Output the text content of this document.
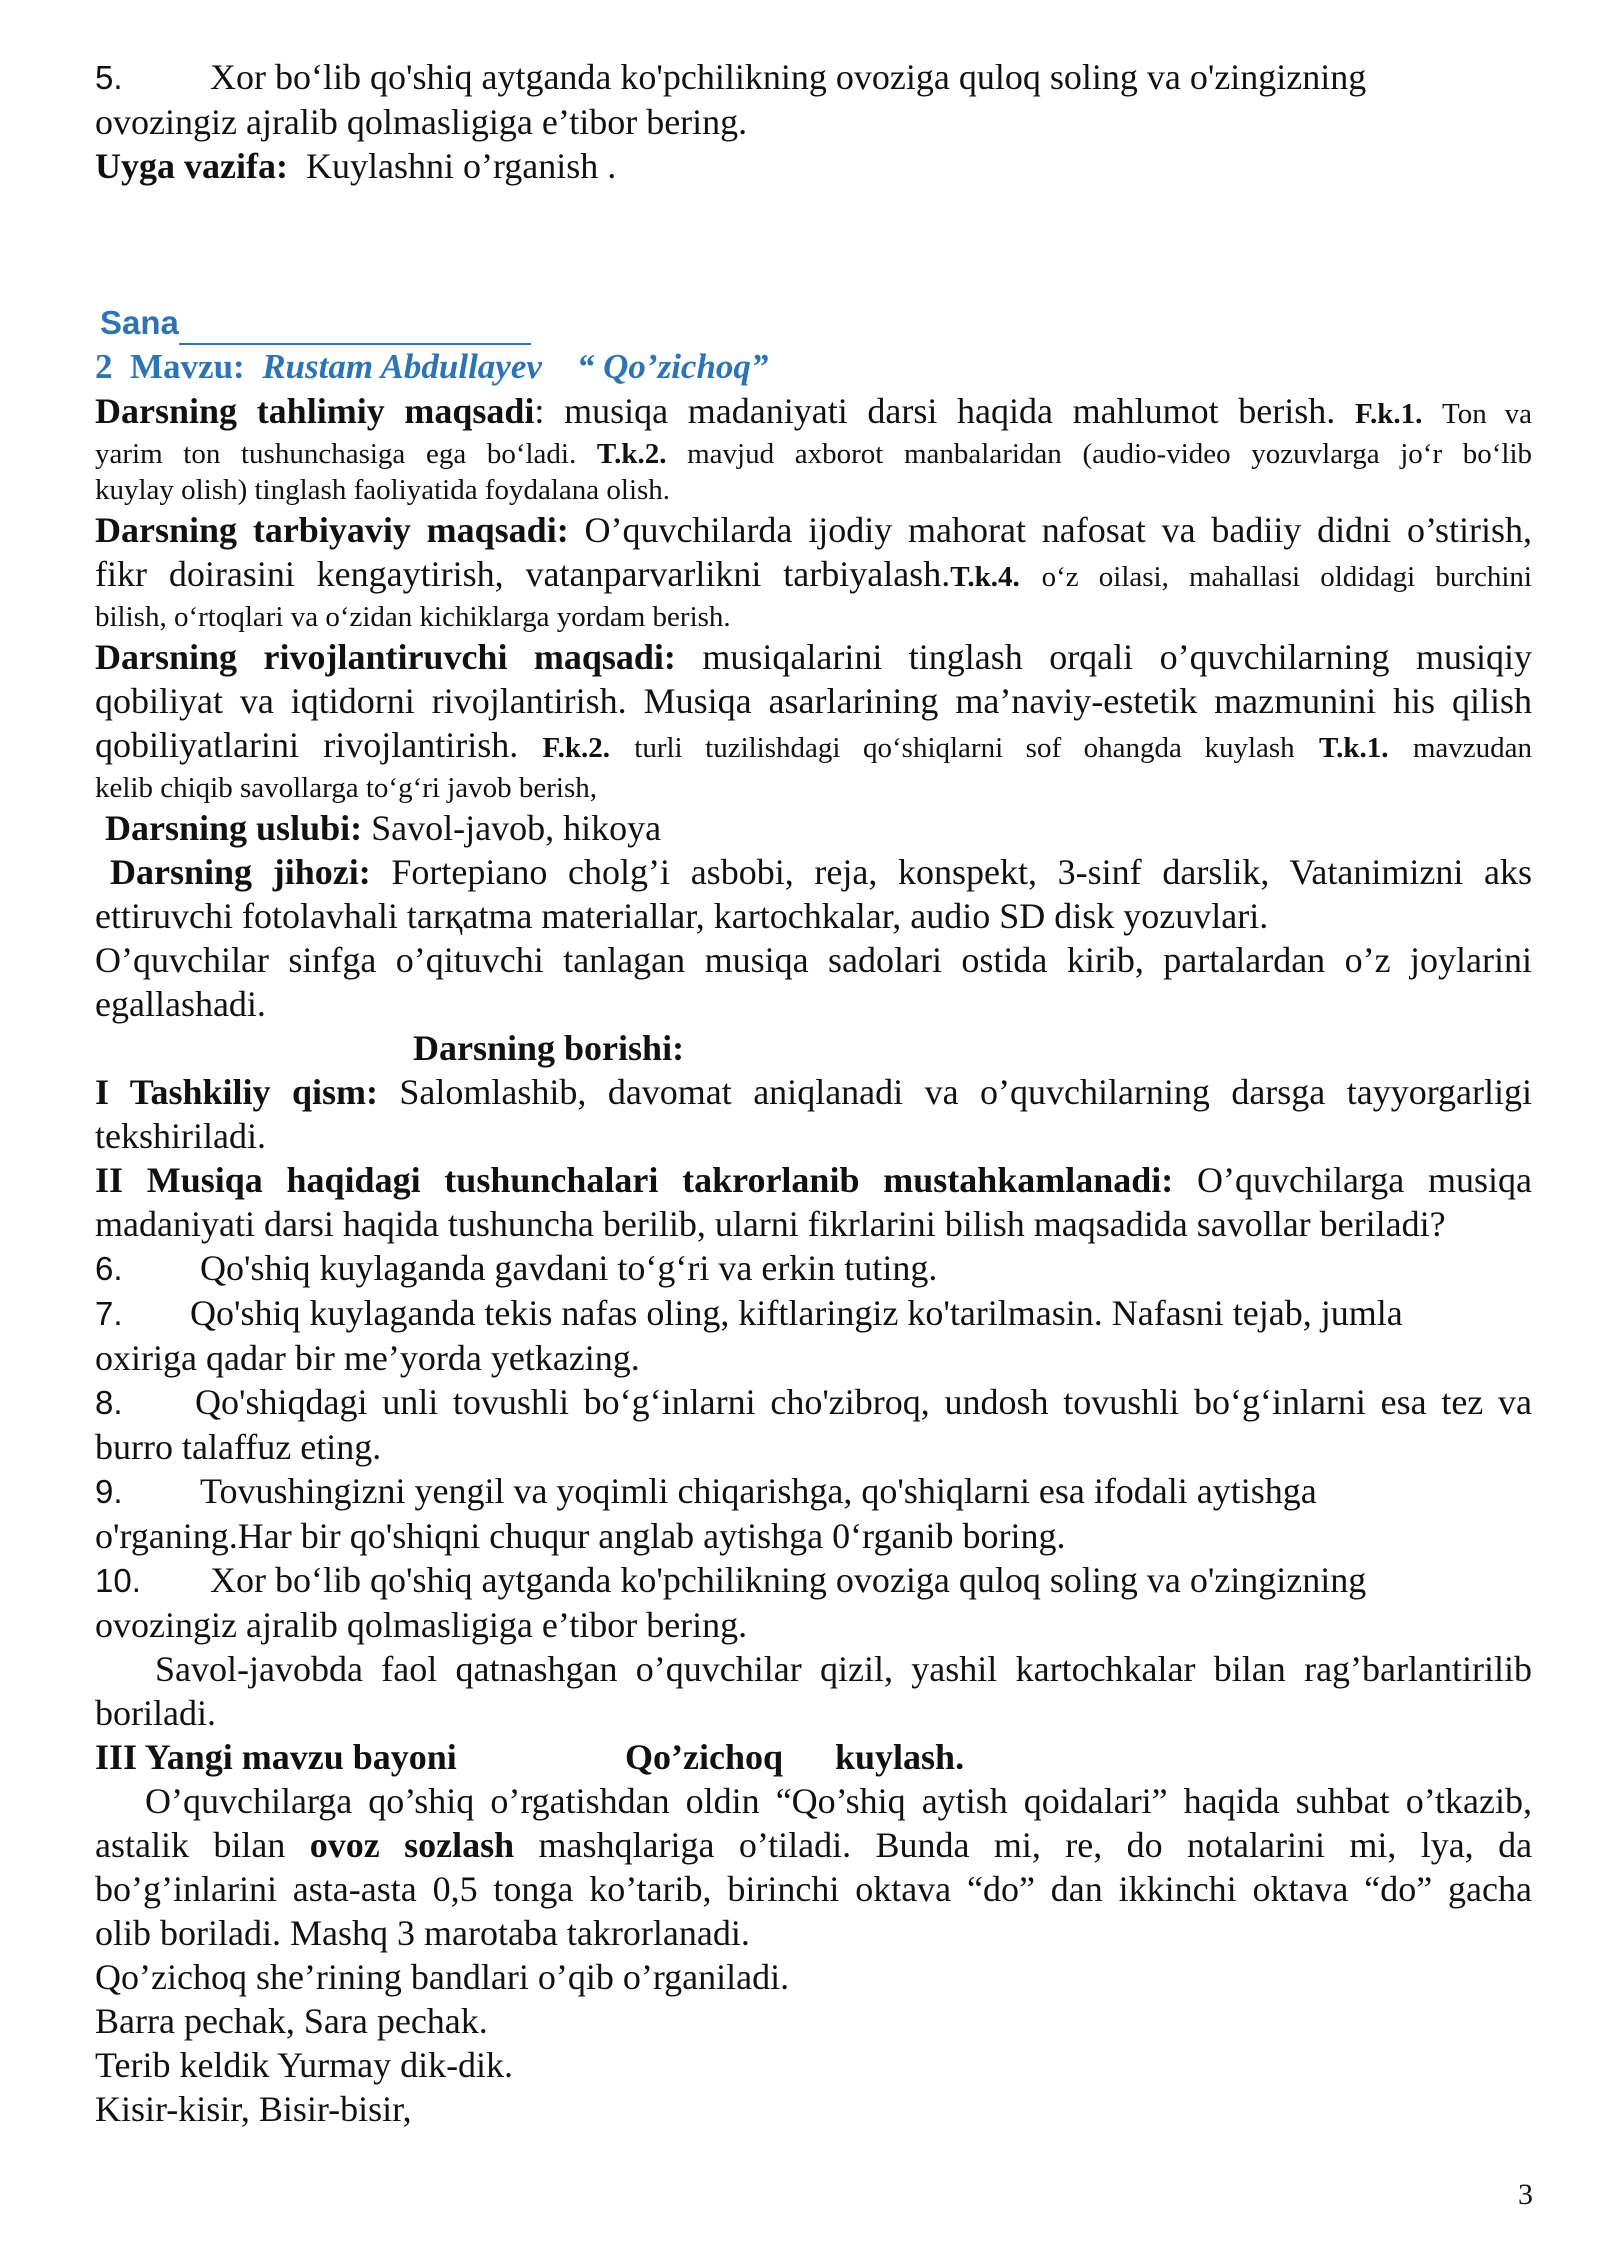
5. Xor bo‘lib qo'shiq aytganda ko'pchilikning ovoziga quloq soling va o'zingizning
ovozingiz ajralib qolmasligiga e’tibor bering.
Uyga vazifa: Kuylashni o’rganish .
Sana
2 Mavzu: Rustam Abdullayev “ Qo’zichoq”
Darsning tahlimiy maqsadi: musiqa madaniyati darsi haqida mahlumot berish. F.k.1. Ton va
yarim ton tushunchasiga ega bo‘ladi. T.k.2. mavjud axborot manbalaridan (audio-video yozuvlarga jo‘r bo‘lib
kuylay olish) tinglash faoliyatida foydalana olish.
Darsning tarbiyaviy maqsadi: O’quvchilarda ijodiy mahorat nafosat va badiiy didni o’stirish,
fikr doirasini kengaytirish, vatanparvarlikni tarbiyalash.T.k.4. o‘z oilasi, mahallasi oldidagi burchini
bilish, o‘rtoqlari va o‘zidan kichiklarga yordam berish.
Darsning rivojlantiruvchi maqsadi: musiqalarini tinglash orqali o’quvchilarning musiqiy
qobiliyat va iqtidorni rivojlantirish. Musiqa asarlarining ma’naviy-estetik mazmunini his qilish
qobiliyatlarini rivojlantirish. F.k.2. turli tuzilishdagi qo‘shiqlarni sof ohangda kuylash T.k.1. mavzudan
kelib chiqib savollarga to‘g‘ri javob berish,
Darsning uslubi: Savol-javob, hikoya
Darsning jihozi: Fortepiano cholg’i asbobi, reja, konspekt, 3-sinf darslik, Vatanimizni aks
ettiruvchi fotolavhali tarқatma materiallar, kartochkalar, audio SD disk yozuvlari.
O’quvchilar sinfga o’qituvchi tanlagan musiqa sadolari ostida kirib, partalardan o’z joylarini
egallashadi.
Darsning borishi:
I Tashkiliy qism: Salomlashib, davomat aniqlanadi va o’quvchilarning darsga tayyorgarligi
tekshiriladi.
II Musiqa haqidagi tushunchalari takrorlanib mustahkamlanadi: O’quvchilarga musiqa
madaniyati darsi haqida tushuncha berilib, ularni fikrlarini bilish maqsadida savollar beriladi?
6. Qo'shiq kuylaganda gavdani to‘g‘ri va erkin tuting.
7. Qo'shiq kuylaganda tekis nafas oling, kiftlaringiz ko'tarilmasin. Nafasni tejab, jumla
oxiriga qadar bir me’yorda yetkazing.
8. Qo'shiqdagi unli tovushli bo‘g‘inlarni cho'zibroq, undosh tovushli bo‘g‘inlarni esa tez va
burro talaffuz eting.
9. Tovushingizni yengil va yoqimli chiqarishga, qo'shiqlarni esa ifodali aytishga
o'rganing.Har bir qo'shiqni chuqur anglab aytishga 0‘rganib boring.
10. Xor bo‘lib qo'shiq aytganda ko'pchilikning ovoziga quloq soling va o'zingizning
ovozingiz ajralib qolmasligiga e’tibor bering.
Savol-javobda faol qatnashgan o’quvchilar qizil, yashil kartochkalar bilan rag’barlantirilib
boriladi.
III Yangi mavzu bayoni	Qo’zichoq kuylash.
O’quvchilarga qo’shiq o’rgatishdan oldin “Qo’shiq aytish qoidalari” haqida suhbat o’tkazib,
astalik bilan ovoz sozlash mashqlariga o’tiladi. Bunda mi, re, do notalarini mi, lya, da
bo’g’inlarini asta-asta 0,5 tonga ko’tarib, birinchi oktava “do” dan ikkinchi oktava “do” gacha
olib boriladi. Mashq 3 marotaba takrorlanadi.
Qo’zichoq she’rining bandlari o’qib o’rganiladi.
Barra pechak, Sara pechak.
Terib keldik Yurmay dik-dik.
Kisir-kisir, Bisir-bisir,
3
